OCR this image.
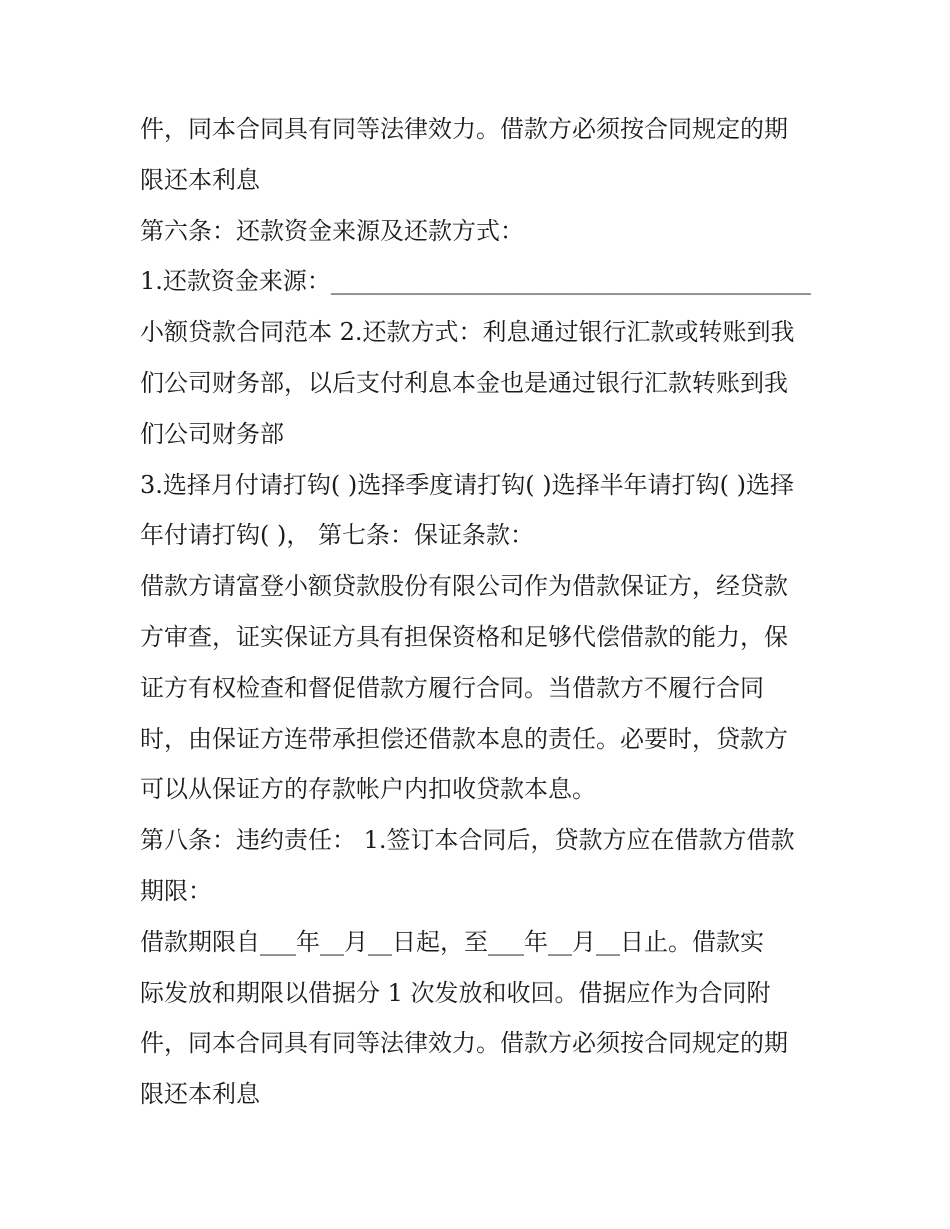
件，同本合同具有同等法律效力。借款方必须按合同规定的期

限还本利息

第六条：还款资金来源及还款方式：

1.还款资金来源：________________________________________

小额贷款合同范本 2.还款方式：利息通过银行汇款或转账到我

们公司财务部，以后支付利息本金也是通过银行汇款转账到我

们公司财务部

3.选择月付请打钩( )选择季度请打钩( )选择半年请打钩( )选择

年付请打钩( )， 第七条：保证条款：

借款方请富登小额贷款股份有限公司作为借款保证方，经贷款

方审查，证实保证方具有担保资格和足够代偿借款的能力，保

证方有权检查和督促借款方履行合同。当借款方不履行合同

时，由保证方连带承担偿还借款本息的责任。必要时，贷款方

可以从保证方的存款帐户内扣收贷款本息。

第八条：违约责任： 1.签订本合同后，贷款方应在借款方借款

期限：

借款期限自___年__月__日起，至___年__月__日止。借款实

际发放和期限以借据分 1 次发放和收回。借据应作为合同附

件，同本合同具有同等法律效力。借款方必须按合同规定的期

限还本利息
